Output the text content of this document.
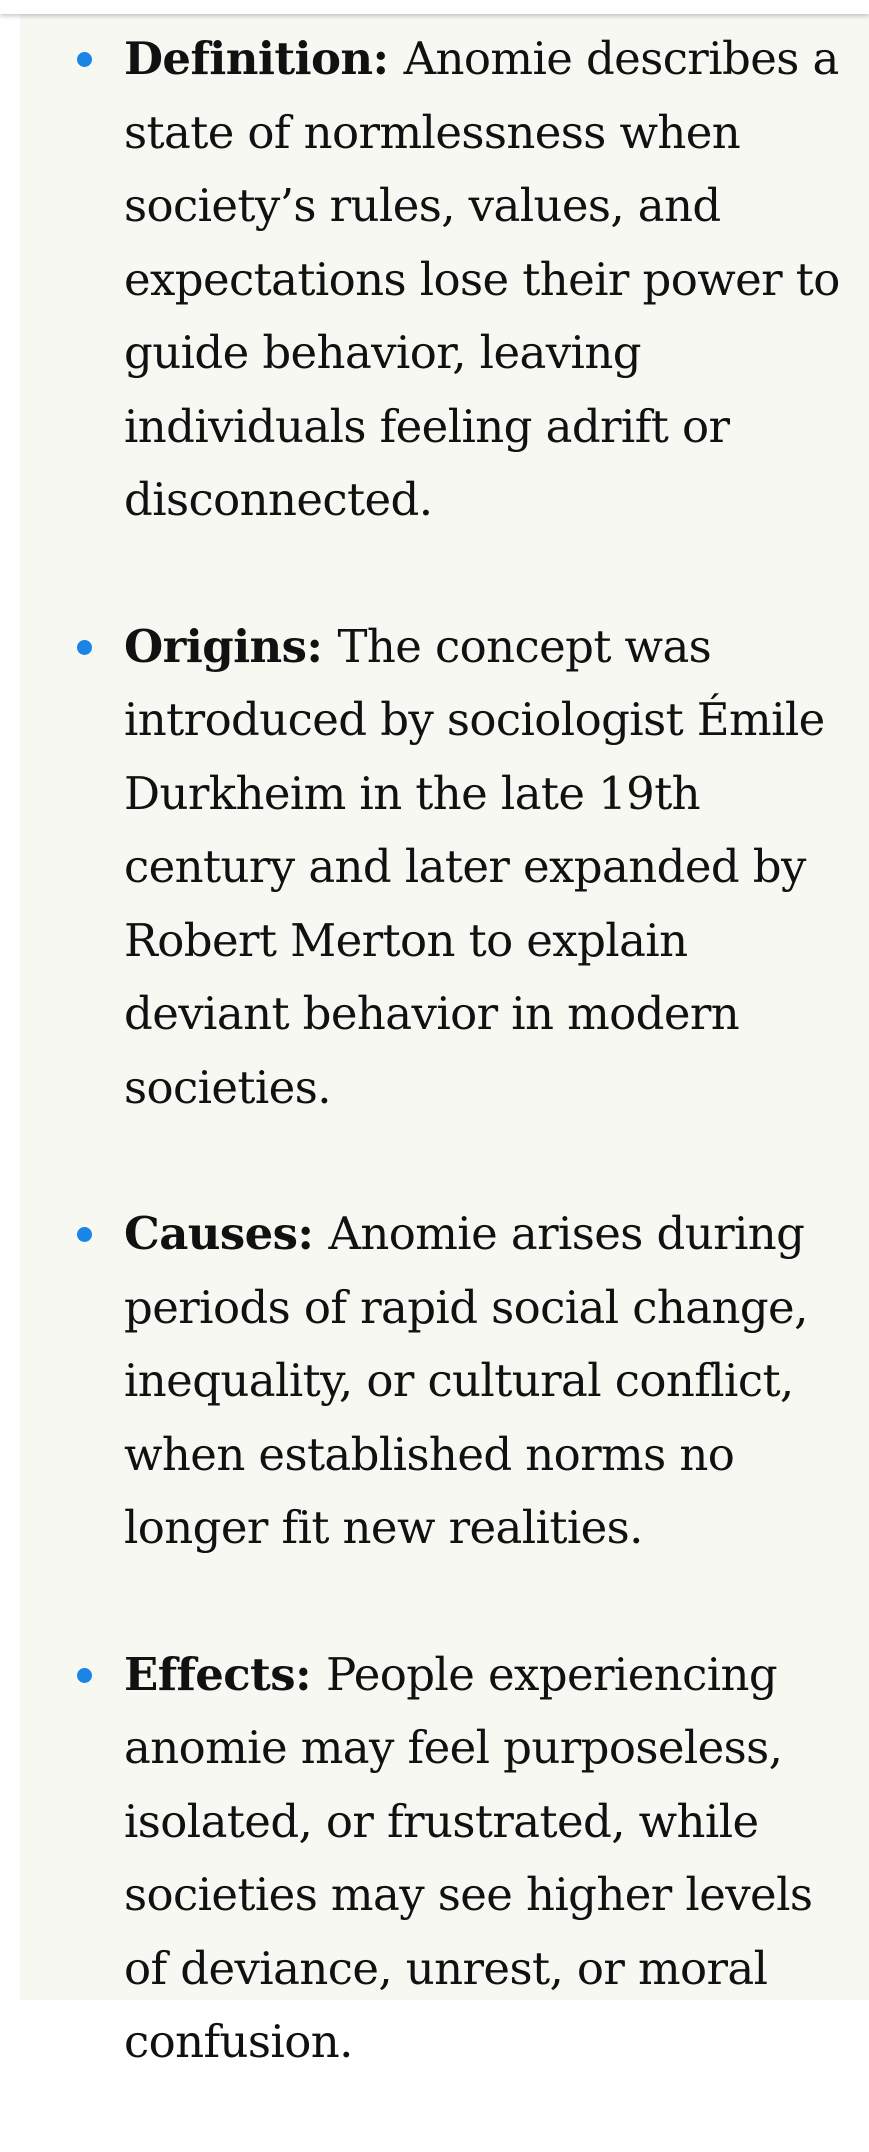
Definition: Anomie describes a state of normlessness when society’s rules, values, and expectations lose their power to guide behavior, leaving individuals feeling adrift or disconnected.
Origins: The concept was introduced by sociologist Émile Durkheim in the late 19th century and later expanded by Robert Merton to explain deviant behavior in modern societies.
Causes: Anomie arises during periods of rapid social change, inequality, or cultural conflict, when established norms no longer fit new realities.
Effects: People experiencing anomie may feel purposeless, isolated, or frustrated, while societies may see higher levels of deviance, unrest, or moral confusion.
